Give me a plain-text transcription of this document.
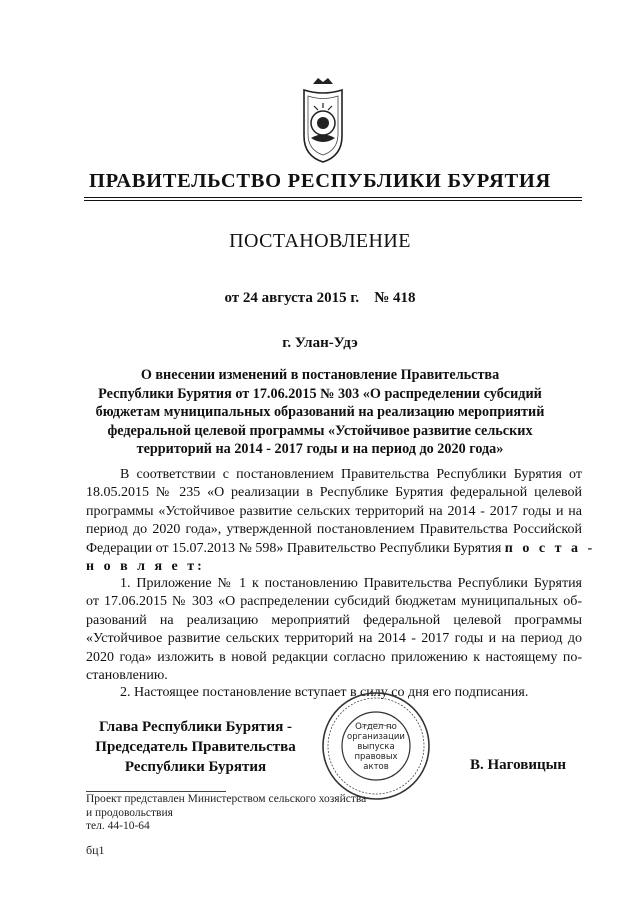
ПРАВИТЕЛЬСТВО РЕСПУБЛИКИ БУРЯТИЯ
ПОСТАНОВЛЕНИЕ
от 24 августа 2015 г. № 418
г. Улан-Удэ
О внесении изменений в постановление Правительства
Республики Бурятия от 17.06.2015 № 303 «О распределении субсидий
бюджетам муниципальных образований на реализацию мероприятий
федеральной целевой программы «Устойчивое развитие сельских
территорий на 2014 - 2017 годы и на период до 2020 года»
В соответствии с постановлением Правительства Республики Бурятия от
18.05.2015 № 235 «О реализации в Республике Бурятия федеральной целевой
программы «Устойчивое развитие сельских территорий на 2014 - 2017 годы и на
период до 2020 года», утвержденной постановлением Правительства Российской
Федерации от 15.07.2013 № 598» Правительство Республики Бурятия п о с т а -
н о в л я е т:
1. Приложение № 1 к постановлению Правительства Республики Бурятия
от 17.06.2015 № 303 «О распределении субсидий бюджетам муниципальных об-
разований на реализацию мероприятий федеральной целевой программы
«Устойчивое развитие сельских территорий на 2014 - 2017 годы и на период до
2020 года» изложить в новой редакции согласно приложению к настоящему по-
становлению.
2. Настоящее постановление вступает в силу со дня его подписания.
Глава Республики Бурятия -
Председатель Правительства
Республики Бурятия
Отдел по
организации
выпуска
правовых
актов	В. Наговицын
Проект представлен Министерством сельского хозяйства
и продовольствия
тел. 44-10-64
бц1
